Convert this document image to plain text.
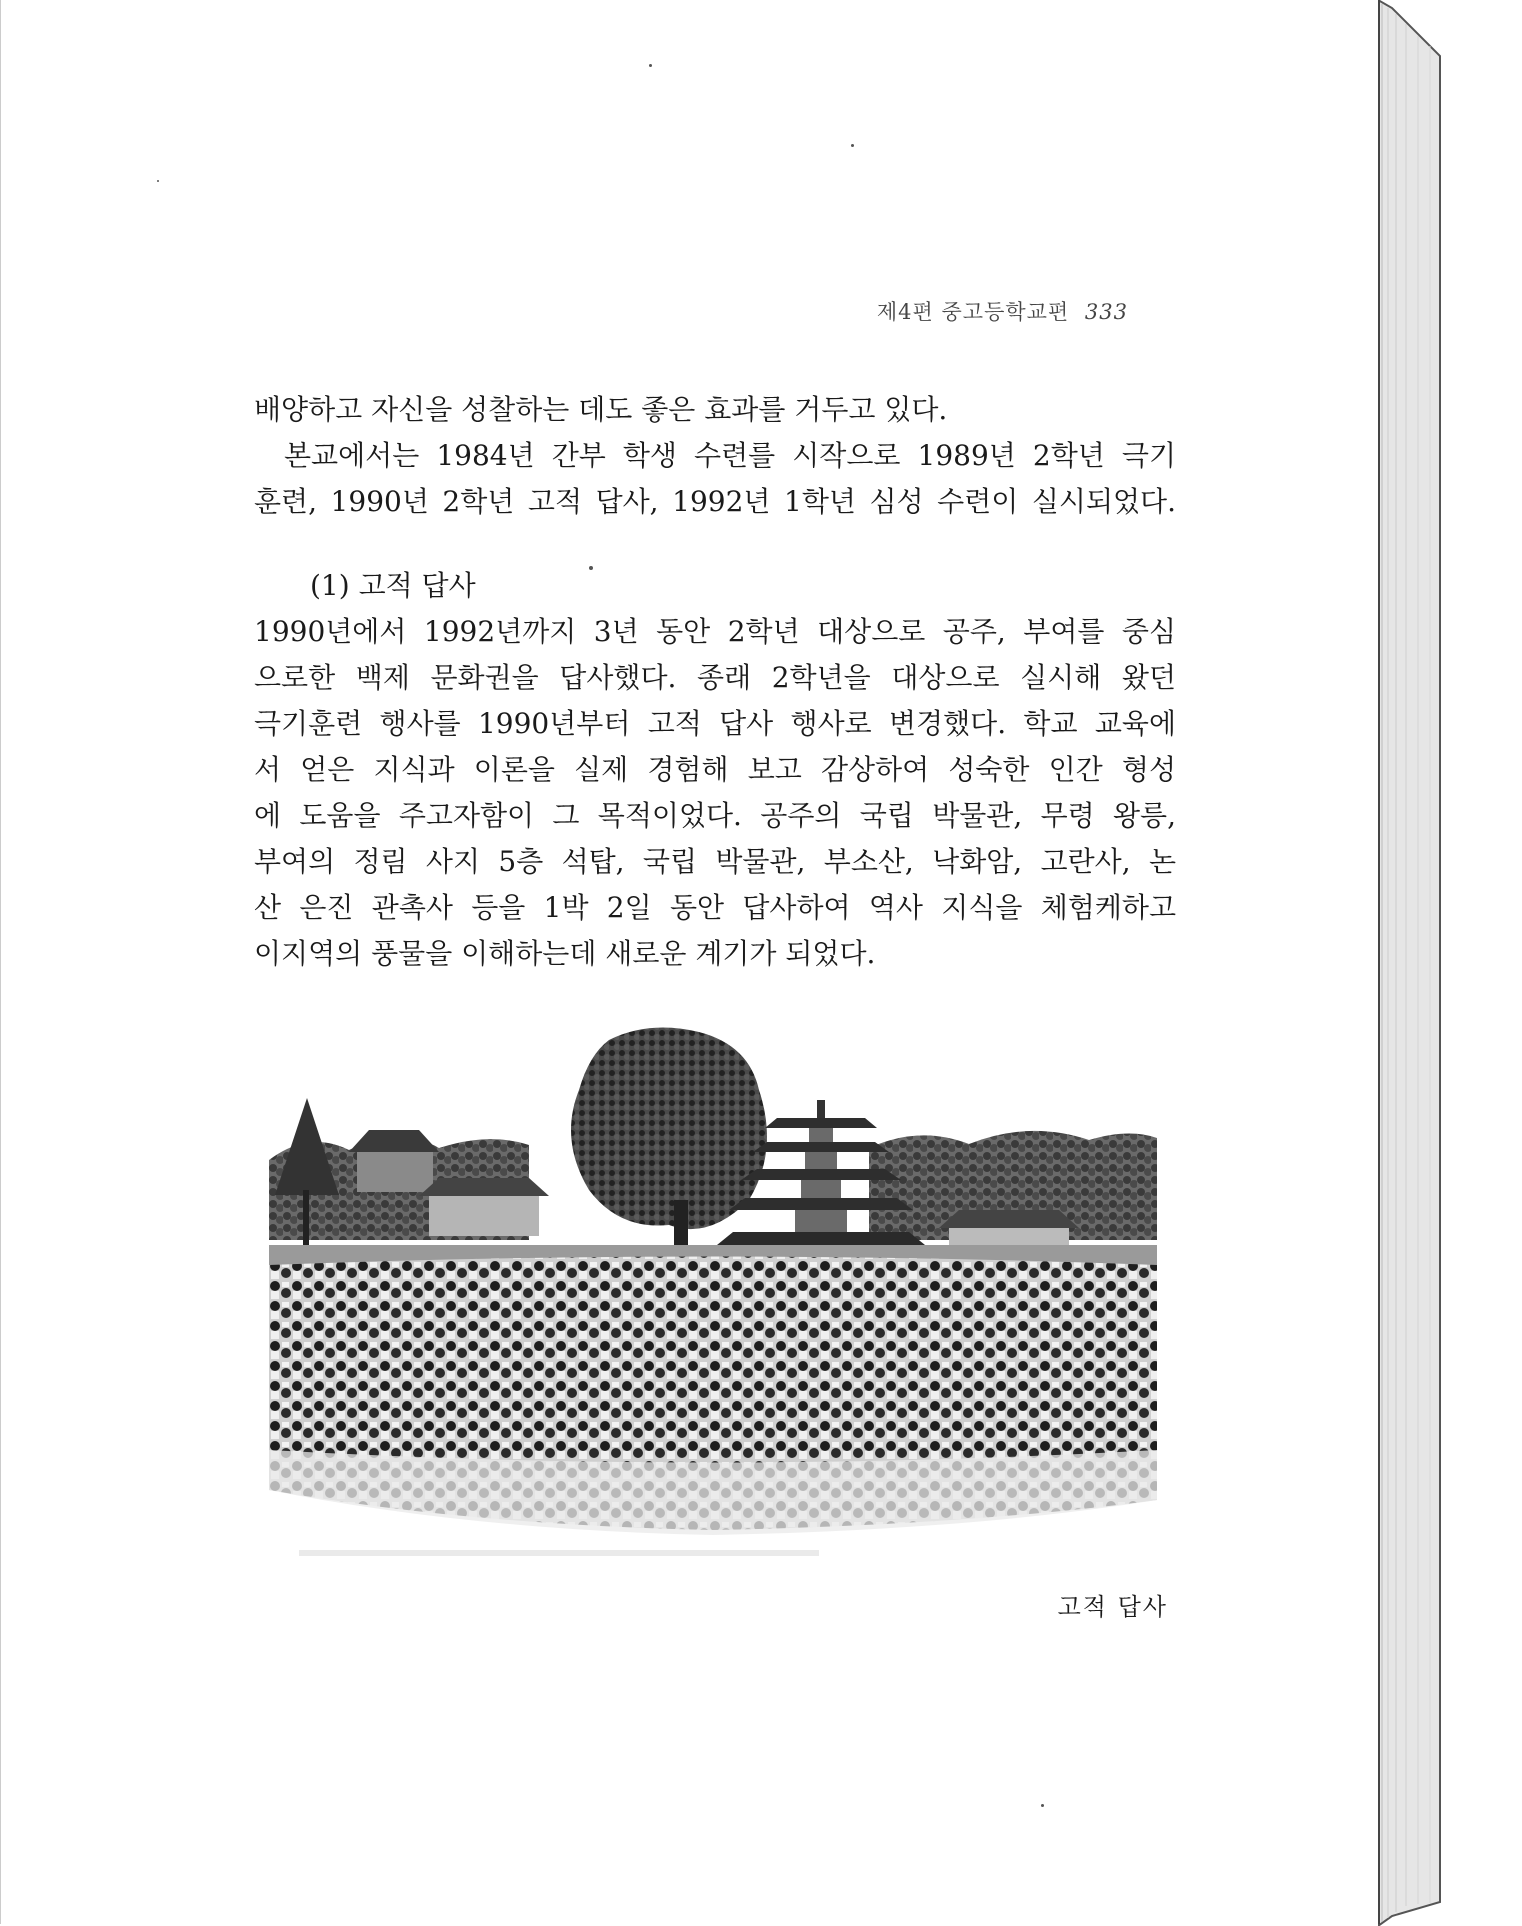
제4편 중고등학교편 333
배양하고 자신을 성찰하는 데도 좋은 효과를 거두고 있다.
본교에서는 1984년 간부 학생 수련를 시작으로 1989년 2학년 극기
훈련, 1990년 2학년 고적 답사, 1992년 1학년 심성 수련이 실시되었다.
(1) 고적 답사
1990년에서 1992년까지 3년 동안 2학년 대상으로 공주, 부여를 중심
으로한 백제 문화권을 답사했다. 종래 2학년을 대상으로 실시해 왔던
극기훈련 행사를 1990년부터 고적 답사 행사로 변경했다. 학교 교육에
서 얻은 지식과 이론을 실제 경험해 보고 감상하여 성숙한 인간 형성
에 도움을 주고자함이 그 목적이었다. 공주의 국립 박물관, 무령 왕릉,
부여의 정림 사지 5층 석탑, 국립 박물관, 부소산, 낙화암, 고란사, 논
산 은진 관촉사 등을 1박 2일 동안 답사하여 역사 지식을 체험케하고
이지역의 풍물을 이해하는데 새로운 계기가 되었다.
고적 답사
